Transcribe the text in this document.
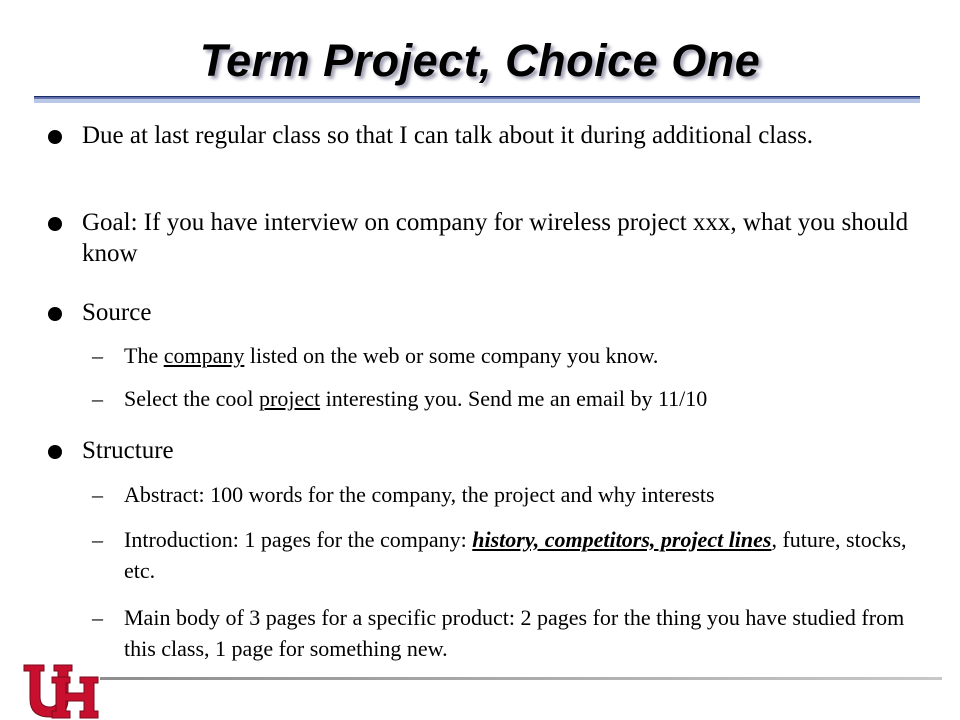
Term Project, Choice One
Due at last regular class so that I can talk about it during additional class.
Goal: If you have interview on company for wireless project xxx, what you should know
Source
– The company listed on the web or some company you know.
– Select the cool project interesting you. Send me an email by 11/10
Structure
– Abstract: 100 words for the company, the project and why interests
– Introduction: 1 pages for the company: history, competitors, project lines, future, stocks, etc.
– Main body of 3 pages for a specific product: 2 pages for the thing you have studied from this class, 1 page for something new.
